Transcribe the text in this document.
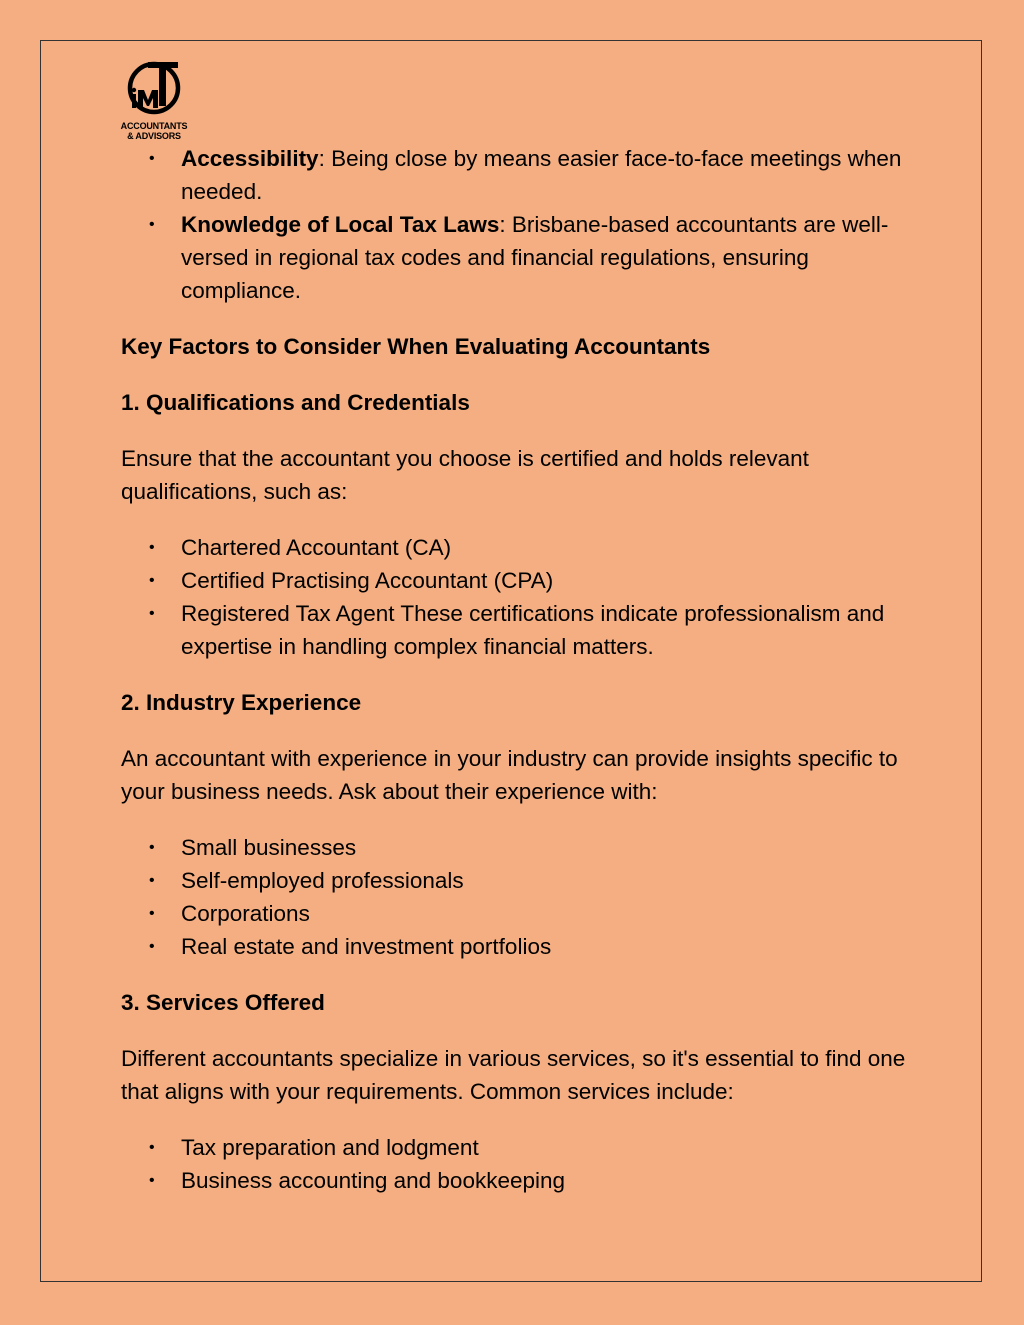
ACCOUNTANTS
& ADVISORS
• Accessibility: Being close by means easier face-to-face meetings when needed.
• Knowledge of Local Tax Laws: Brisbane-based accountants are well-versed in regional tax codes and financial regulations, ensuring compliance.

Key Factors to Consider When Evaluating Accountants

1. Qualifications and Credentials

Ensure that the accountant you choose is certified and holds relevant qualifications, such as:

• Chartered Accountant (CA)
• Certified Practising Accountant (CPA)
• Registered Tax Agent These certifications indicate professionalism and expertise in handling complex financial matters.

2. Industry Experience

An accountant with experience in your industry can provide insights specific to your business needs. Ask about their experience with:

• Small businesses
• Self-employed professionals
• Corporations
• Real estate and investment portfolios

3. Services Offered

Different accountants specialize in various services, so it's essential to find one that aligns with your requirements. Common services include:

• Tax preparation and lodgment
• Business accounting and bookkeeping
